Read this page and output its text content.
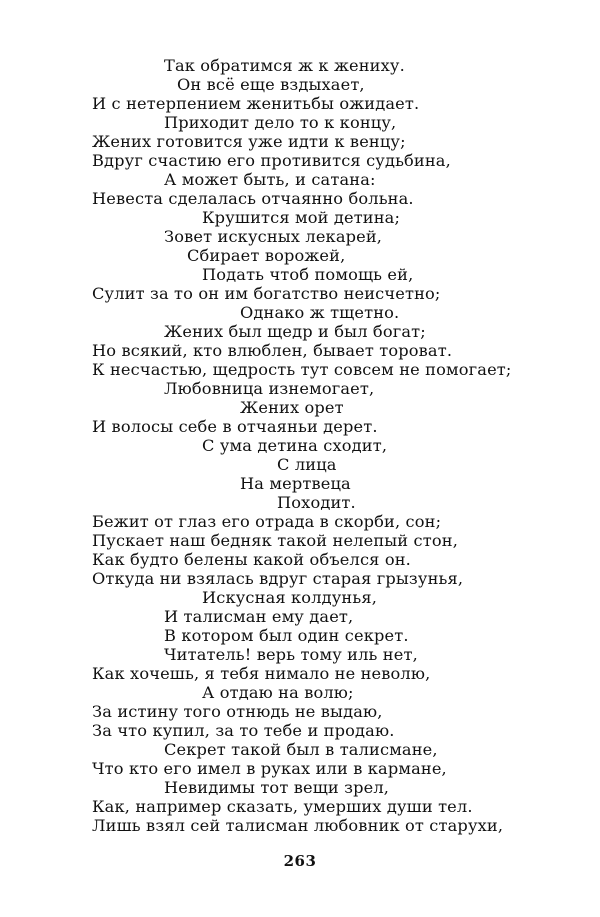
Так обратимся ж к жениху.
Он всё еще вздыхает,
И с нетерпением женитьбы ожидает.
Приходит дело то к концу,
Жених готовится уже идти к венцу;
Вдруг счастию его противится судьбина,
А может быть, и сатана:
Невеста сделалась отчаянно больна.
Крушится мой детина;
Зовет искусных лекарей,
Сбирает ворожей,
Подать чтоб помощь ей,
Сулит за то он им богатство неисчетно;
Однако ж тщетно.
Жених был щедр и был богат;
Но всякий, кто влюблен, бывает тороват.
К несчастью, щедрость тут совсем не помогает;
Любовница изнемогает,
Жених орет
И волосы себе в отчаяньи дерет.
С ума детина сходит,
С лица
На мертвеца
Походит.
Бежит от глаз его отрада в скорби, сон;
Пускает наш бедняк такой нелепый стон,
Как будто белены какой объелся он.
Откуда ни взялась вдруг старая грызунья,
Искусная колдунья,
И талисман ему дает,
В котором был один секрет.
Читатель! верь тому иль нет,
Как хочешь, я тебя нимало не неволю,
А отдаю на волю;
За истину того отнюдь не выдаю,
За что купил, за то тебе и продаю.
Секрет такой был в талисмане,
Что кто его имел в руках или в кармане,
Невидимы тот вещи зрел,
Как, например сказать, умерших души тел.
Лишь взял сей талисман любовник от старухи,
263
